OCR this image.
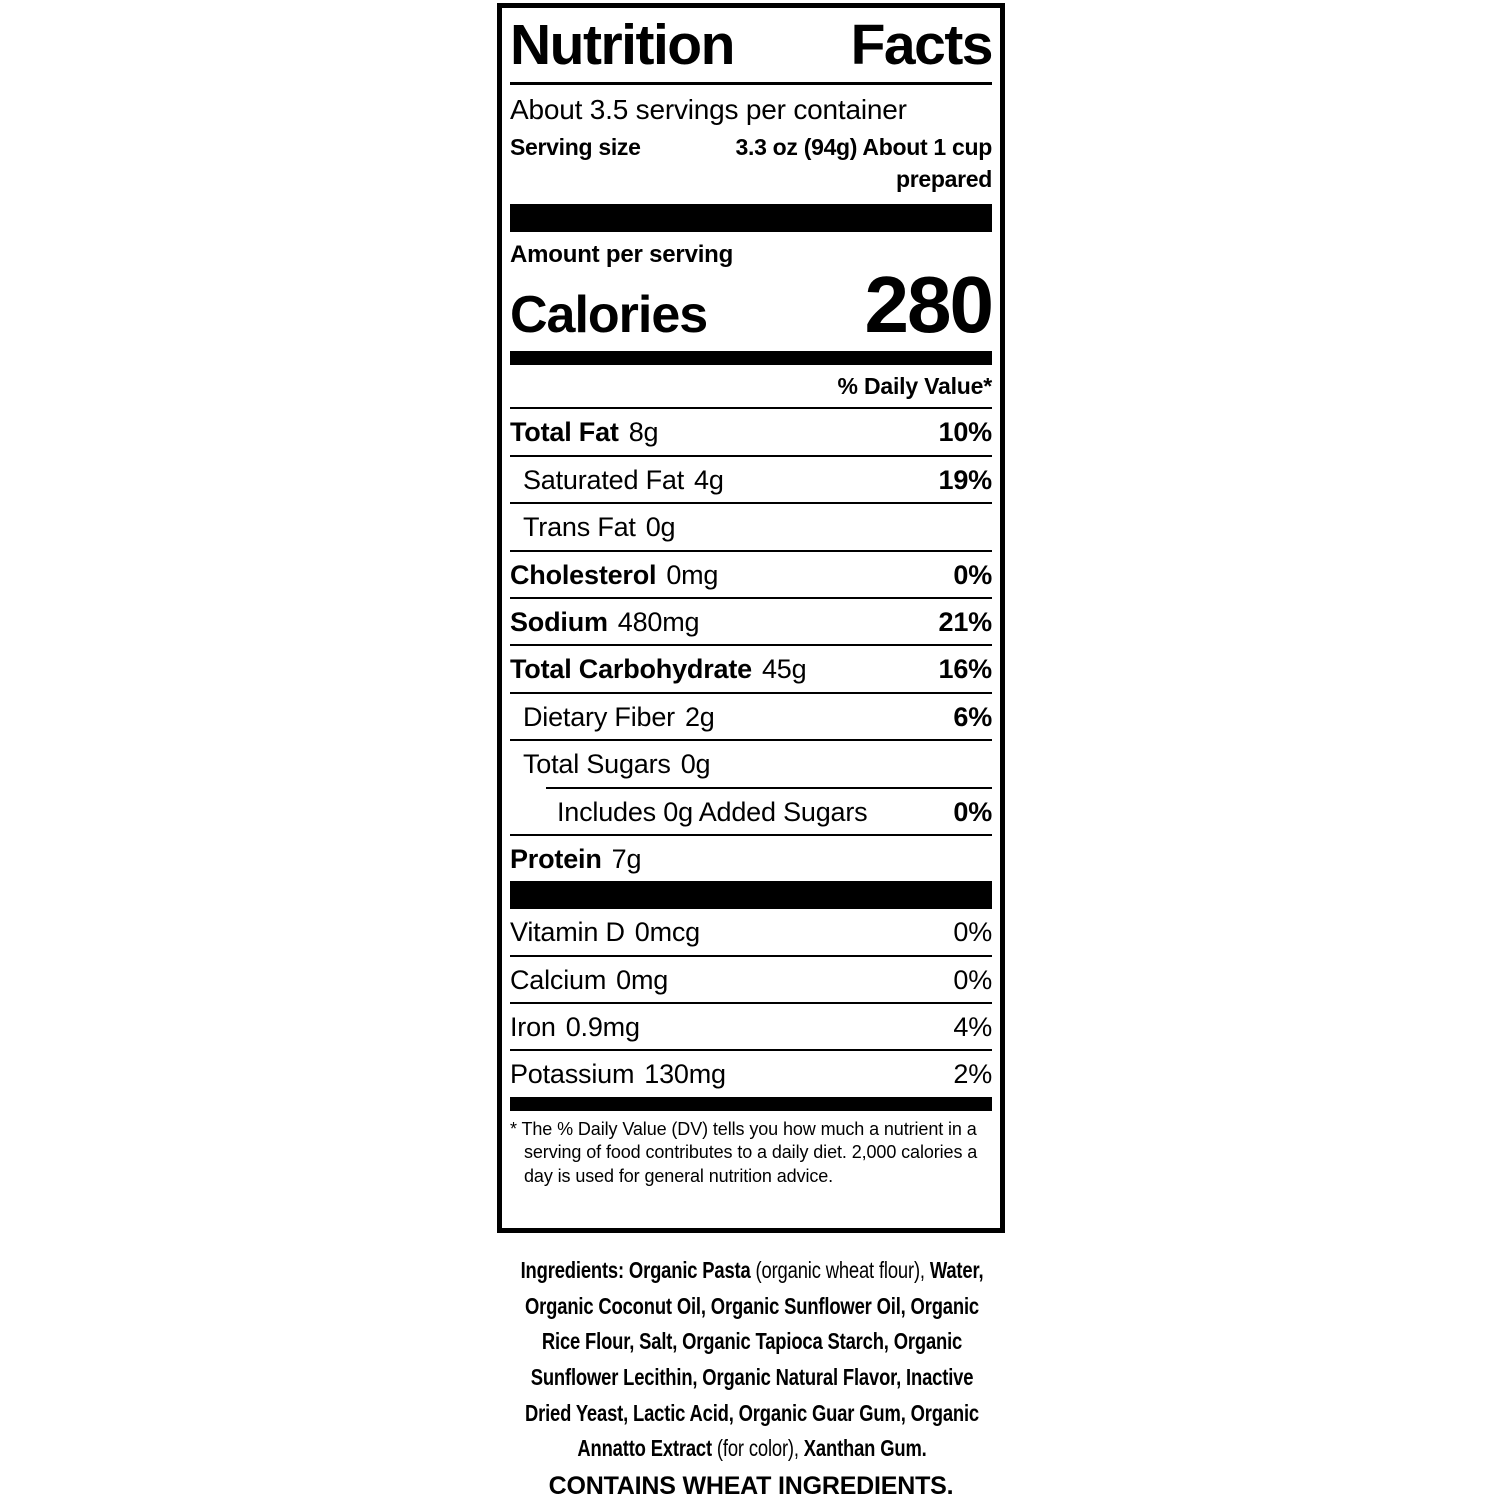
Nutrition Facts
About 3.5 servings per container
Serving size	3.3 oz (94g) About 1 cup prepared
Amount per serving
Calories 280
% Daily Value*
Total Fat 8g	10%
Saturated Fat 4g	19%
Trans Fat 0g
Cholesterol 0mg	0%
Sodium 480mg	21%
Total Carbohydrate 45g	16%
Dietary Fiber 2g	6%
Total Sugars 0g
Includes 0g Added Sugars	0%
Protein 7g
Vitamin D 0mcg	0%
Calcium 0mg	0%
Iron 0.9mg	4%
Potassium 130mg	2%
* The % Daily Value (DV) tells you how much a nutrient in a serving of food contributes to a daily diet. 2,000 calories a day is used for general nutrition advice.
Ingredients: Organic Pasta (organic wheat flour), Water, Organic Coconut Oil, Organic Sunflower Oil, Organic Rice Flour, Salt, Organic Tapioca Starch, Organic Sunflower Lecithin, Organic Natural Flavor, Inactive Dried Yeast, Lactic Acid, Organic Guar Gum, Organic Annatto Extract (for color), Xanthan Gum.
CONTAINS WHEAT INGREDIENTS.
